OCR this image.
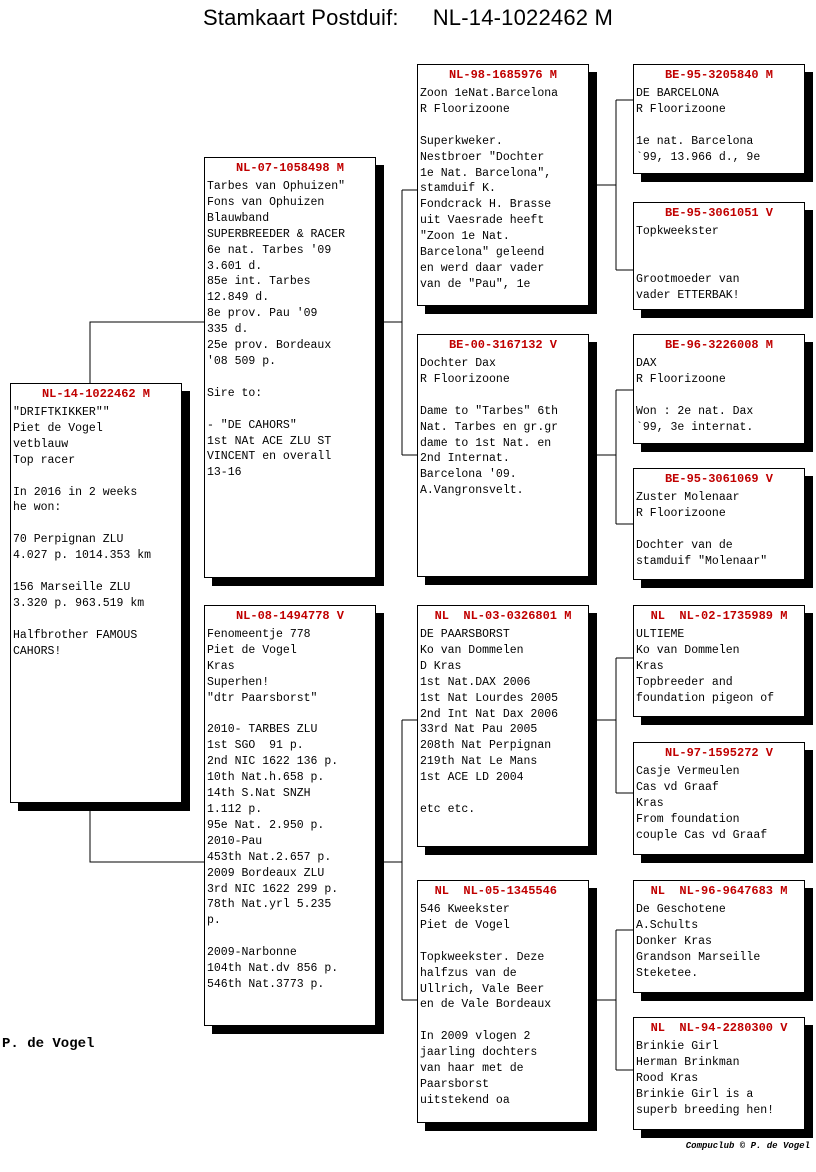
Stamkaart Postduif: NL-14-1022462 M
NL-14-1022462 M
"DRIFTKIKKER""
Piet de Vogel
vetblauw
Top racer

In 2016 in 2 weeks
he won:

70 Perpignan ZLU
4.027 p. 1014.353 km

156 Marseille ZLU
3.320 p. 963.519 km

Halfbrother FAMOUS
CAHORS!
NL-07-1058498 M
Tarbes van Ophuizen"
Fons van Ophuizen
Blauwband
SUPERBREEDER & RACER
6e nat. Tarbes '09
3.601 d.
85e int. Tarbes
12.849 d.
8e prov. Pau '09
335 d.
25e prov. Bordeaux
'08 509 p.

Sire to:

- "DE CAHORS"
1st NAt ACE ZLU ST
VINCENT en overall
13-16
NL-08-1494778 V
Fenomeentje 778
Piet de Vogel
Kras
Superhen!
"dtr Paarsborst"

2010- TARBES ZLU
1st SGO  91 p.
2nd NIC 1622 136 p.
10th Nat.h.658 p.
14th S.Nat SNZH
1.112 p.
95e Nat. 2.950 p.
2010-Pau
453th Nat.2.657 p.
2009 Bordeaux ZLU
3rd NIC 1622 299 p.
78th Nat.yrl 5.235
p.

2009-Narbonne
104th Nat.dv 856 p.
546th Nat.3773 p.
NL-98-1685976 M
Zoon 1eNat.Barcelona
R Floorizoone

Superkweker.
Nestbroer "Dochter
1e Nat. Barcelona",
stamduif K.
Fondcrack H. Brasse
uit Vaesrade heeft
"Zoon 1e Nat.
Barcelona" geleend
en werd daar vader
van de "Pau", 1e
BE-00-3167132 V
Dochter Dax
R Floorizoone

Dame to "Tarbes" 6th
Nat. Tarbes en gr.gr
dame to 1st Nat. en
2nd Internat.
Barcelona '09.
A.Vangronsvelt.
NL  NL-03-0326801 M
DE PAARSBORST
Ko van Dommelen
D Kras
1st Nat.DAX 2006
1st Nat Lourdes 2005
2nd Int Nat Dax 2006
33rd Nat Pau 2005
208th Nat Perpignan
219th Nat Le Mans
1st ACE LD 2004

etc etc.
NL  NL-05-1345546
546 Kweekster
Piet de Vogel

Topkweekster. Deze
halfzus van de
Ullrich, Vale Beer
en de Vale Bordeaux

In 2009 vlogen 2
jaarling dochters
van haar met de
Paarsborst
uitstekend oa
BE-95-3205840 M
DE BARCELONA
R Floorizoone

1e nat. Barcelona
`99, 13.966 d., 9e
BE-95-3061051 V
Topkweekster

Grootmoeder van
vader ETTERBAK!
BE-96-3226008 M
DAX
R Floorizoone

Won : 2e nat. Dax
`99, 3e internat.
BE-95-3061069 V
Zuster Molenaar
R Floorizoone

Dochter van de
stamduif "Molenaar"
NL  NL-02-1735989 M
ULTIEME
Ko van Dommelen
Kras
Topbreeder and
foundation pigeon of
NL-97-1595272 V
Casje Vermeulen
Cas vd Graaf
Kras
From foundation
couple Cas vd Graaf
NL  NL-96-9647683 M
De Geschotene
A.Schults
Donker Kras
Grandson Marseille
Steketee.
NL  NL-94-2280300 V
Brinkie Girl
Herman Brinkman
Rood Kras
Brinkie Girl is a
superb breeding hen!
P. de Vogel
Compuclub © P. de Vogel
